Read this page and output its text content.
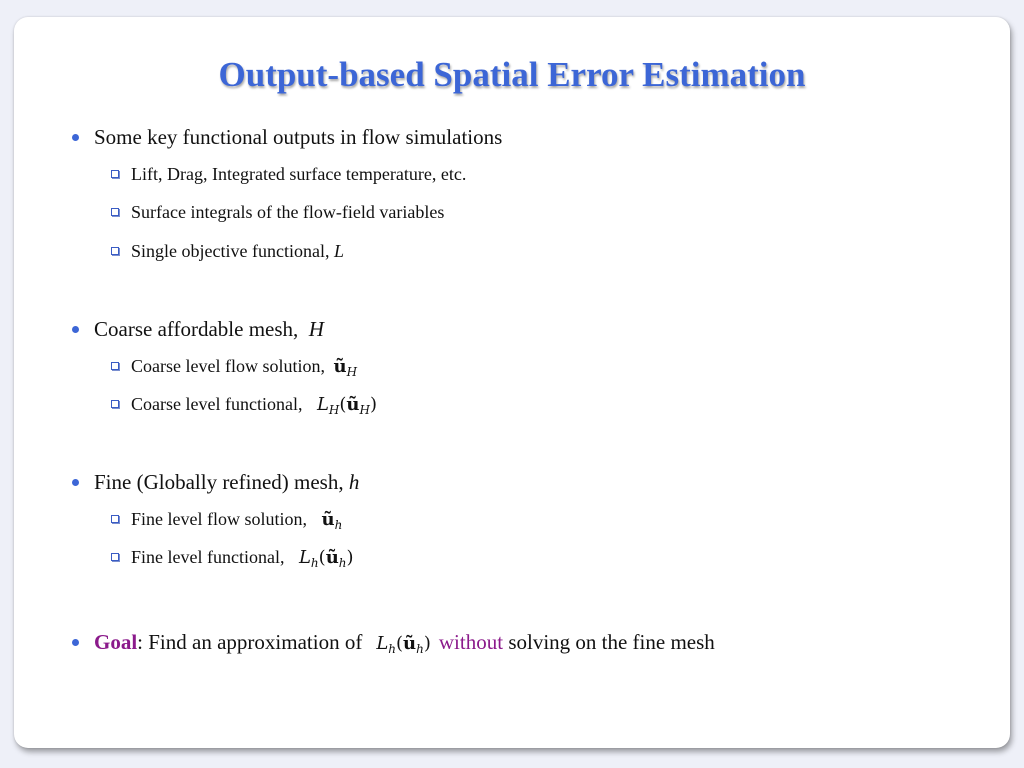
Output-based Spatial Error Estimation
Some key functional outputs in flow simulations
Lift, Drag, Integrated surface temperature, etc.
Surface integrals of the flow-field variables
Single objective functional, L
Coarse affordable mesh,  H
Coarse level flow solution, $ũ_H$
Coarse level functional, $L_H(ũ_H)$
Fine (Globally refined) mesh, h
Fine level flow solution, $ũ_h$
Fine level functional, $L_h(ũ_h)$
Goal: Find an approximation of $L_h(ũ_h)$ without solving on the fine mesh
